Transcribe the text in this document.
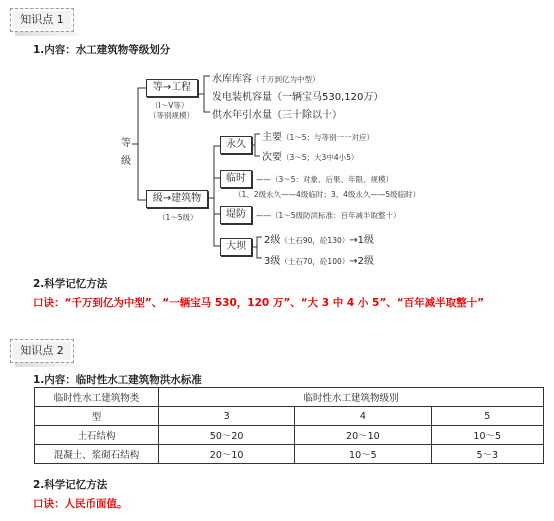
知识点 1
1.内容：水工建筑物等级划分
等
级
等→工程
（Ⅰ～Ⅴ等）
（等别规模）
水库库容（千万到亿为中型）
发电装机容量（一辆宝马530,120万）
供水年引水量（三十除以十）
级→建筑物
（1～5级）
永久
主要（1～5；与等别一一对应）
次要（3～5；大3中4小5）
临时	——（3～5：对象、后果、年限、规模）
（1、2级永久——4级临时；3、4级永久——5级临时）
堤防	——（1～5级防洪标准：百年减半取整十）
大坝
2级（土石90，砼130）→1级
3级（土石70，砼100）→2级
2.科学记忆方法
口诀：“千万到亿为中型”、“一辆宝马 530，120 万”、“大 3 中 4 小 5”、“百年减半取整十”
知识点 2
1.内容：临时性水工建筑物洪水标准
临时性水工建筑物类	临时性水工建筑物级别		
型	3	4	5
土石结构	50～20	20～10	10～5
混凝土、浆砌石结构	20～10	10～5	5～3
2.科学记忆方法
口诀：人民币面值。
